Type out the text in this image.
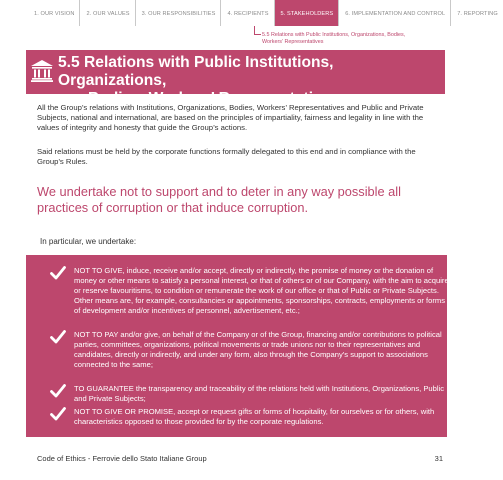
1. OUR VISION	2. OUR VALUES	3. OUR RESPONSIBILITIES	4. RECIPIENTS	5. STAKEHOLDERS	6. IMPLEMENTATION AND CONTROL	7. REPORTING
5.5 Relations with Public Institutions, Organizations, Bodies,
Workers’ Representatives
5.5 Relations with Public Institutions, Organizations,
Bodies, Workers’ Representatives

All the Group’s relations with Institutions, Organizations, Bodies, Workers’ Representatives and Public and Private Subjects, national and international, are based on the principles of impartiality, fairness and legality in line with the values of integrity and honesty that guide the Group’s actions.

Said relations must be held by the corporate functions formally delegated to this end and in compliance with the Group’s Rules.

We undertake not to support and to deter in any way possible all practices of corruption or that induce corruption.
In particular, we undertake:
NOT TO GIVE, induce, receive and/or accept, directly or indirectly, the promise of money or the donation of money or other means to satisfy a personal interest, or that of others or of our Company, with the aim to acquire or reserve favouritisms, to condition or remunerate the work of our office or that of Public or Private Subjects. Other means are, for example, consultancies or appointments, sponsorships, contracts, employments or forms of development and/or incentives of personnel, advertisement, etc.;
NOT TO PAY and/or give, on behalf of the Company or of the Group, financing and/or contributions to political parties, committees, organizations, political movements or trade unions nor to their representatives and candidates, directly or indirectly, and under any form, also through the Company’s support to associations connected to the same;
TO GUARANTEE the transparency and traceability of the relations held with Institutions, Organizations, Public and Private Subjects;
NOT TO GIVE OR PROMISE, accept or request gifts or forms of hospitality, for ourselves or for others, with characteristics opposed to those provided for by the corporate regulations.
Code of Ethics - Ferrovie dello Stato Italiane Group	31
